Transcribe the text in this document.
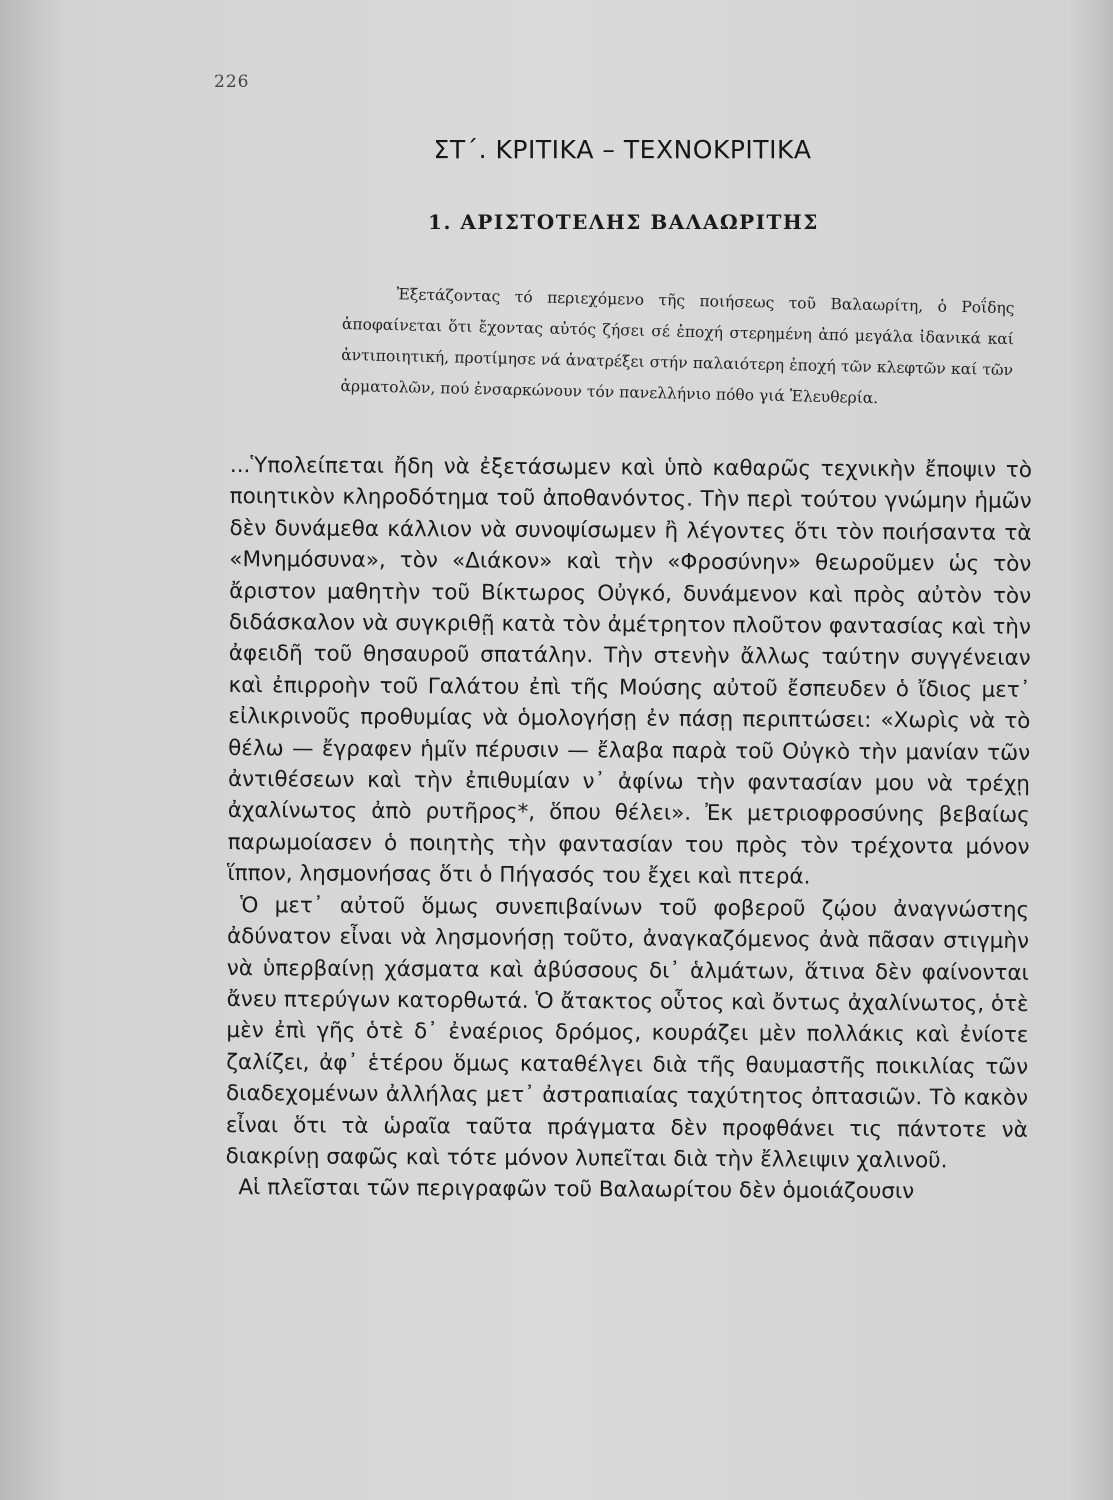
226
ΣΤ΄. ΚΡΙΤΙΚΑ – ΤΕΧΝΟΚΡΙΤΙΚΑ
1. ΑΡΙΣΤΟΤΕΛΗΣ ΒΑΛΑΩΡΙΤΗΣ

Ἐξετάζοντας τό περιεχόμενο τῆς ποιήσεως τοῦ Βαλαωρίτη, ὁ Ροΐδης ἀποφαίνεται ὅτι ἔχοντας αὐτός ζήσει σέ ἐποχή στερημένη ἀπό μεγάλα ἰδανικά καί ἀντιποιητική, προτίμησε νά ἀνατρέξει στήν παλαιότερη ἐποχή τῶν κλεφτῶν καί τῶν ἀρματολῶν, πού ἐνσαρκώνουν τόν πανελλήνιο πόθο γιά Ἐλευθερία.

...Ὑπολείπεται ἤδη νὰ ἐξετάσωμεν καὶ ὑπὸ καθαρῶς τεχνικὴν ἔποψιν τὸ ποιητικὸν κληροδότημα τοῦ ἀποθανόντος. Τὴν περὶ τούτου γνώμην ἡμῶν δὲν δυνάμεθα κάλλιον νὰ συνοψίσωμεν ἢ λέγοντες ὅτι τὸν ποιήσαντα τὰ «Μνημόσυνα», τὸν «Διάκον» καὶ τὴν «Φροσύνην» θεωροῦμεν ὡς τὸν ἄριστον μαθητὴν τοῦ Βίκτωρος Οὐγκό, δυνάμενον καὶ πρὸς αὐτὸν τὸν διδάσκαλον νὰ συγκριθῇ κατὰ τὸν ἀμέτρητον πλοῦτον φαντασίας καὶ τὴν ἀφειδῆ τοῦ θησαυροῦ σπατάλην. Τὴν στενὴν ἄλλως ταύτην συγγένειαν καὶ ἐπιρροὴν τοῦ Γαλάτου ἐπὶ τῆς Μούσης αὐτοῦ ἔσπευδεν ὁ ἴδιος μετ᾽ εἰλικρινοῦς προθυμίας νὰ ὁμολογήσῃ ἐν πάσῃ περιπτώσει: «Χωρὶς νὰ τὸ θέλω — ἔγραφεν ἡμῖν πέρυσιν — ἔλαβα παρὰ τοῦ Οὐγκὸ τὴν μανίαν τῶν ἀντιθέσεων καὶ τὴν ἐπιθυμίαν ν᾽ ἀφίνω τὴν φαντασίαν μου νὰ τρέχῃ ἀχαλίνωτος ἀπὸ ρυτῆρος*, ὅπου θέλει». Ἐκ μετριοφροσύνης βεβαίως παρωμοίασεν ὁ ποιητὴς τὴν φαντασίαν του πρὸς τὸν τρέχοντα μόνον ἵππον, λησμονήσας ὅτι ὁ Πήγασός του ἔχει καὶ πτερά.

Ὁ μετ᾽ αὐτοῦ ὅμως συνεπιβαίνων τοῦ φοβεροῦ ζῴου ἀναγνώστης ἀδύνατον εἶναι νὰ λησμονήσῃ τοῦτο, ἀναγκαζόμενος ἀνὰ πᾶσαν στιγμὴν νὰ ὑπερβαίνῃ χάσματα καὶ ἀβύσσους δι᾽ ἁλμάτων, ἅτινα δὲν φαίνονται ἄνευ πτερύγων κατορθωτά. Ὁ ἄτακτος οὗτος καὶ ὄντως ἀχαλίνωτος, ὁτὲ μὲν ἐπὶ γῆς ὁτὲ δ᾽ ἐναέριος δρόμος, κουράζει μὲν πολλάκις καὶ ἐνίοτε ζαλίζει, ἀφ᾽ ἑτέρου ὅμως καταθέλγει διὰ τῆς θαυμαστῆς ποικιλίας τῶν διαδεχομένων ἀλλήλας μετ᾽ ἀστραπιαίας ταχύτητος ὀπτασιῶν. Τὸ κακὸν εἶναι ὅτι τὰ ὡραῖα ταῦτα πράγματα δὲν προφθάνει τις πάντοτε νὰ διακρίνῃ σαφῶς καὶ τότε μόνον λυπεῖται διὰ τὴν ἔλλειψιν χαλινοῦ.

Αἱ πλεῖσται τῶν περιγραφῶν τοῦ Βαλαωρίτου δὲν ὁμοιάζουσιν
